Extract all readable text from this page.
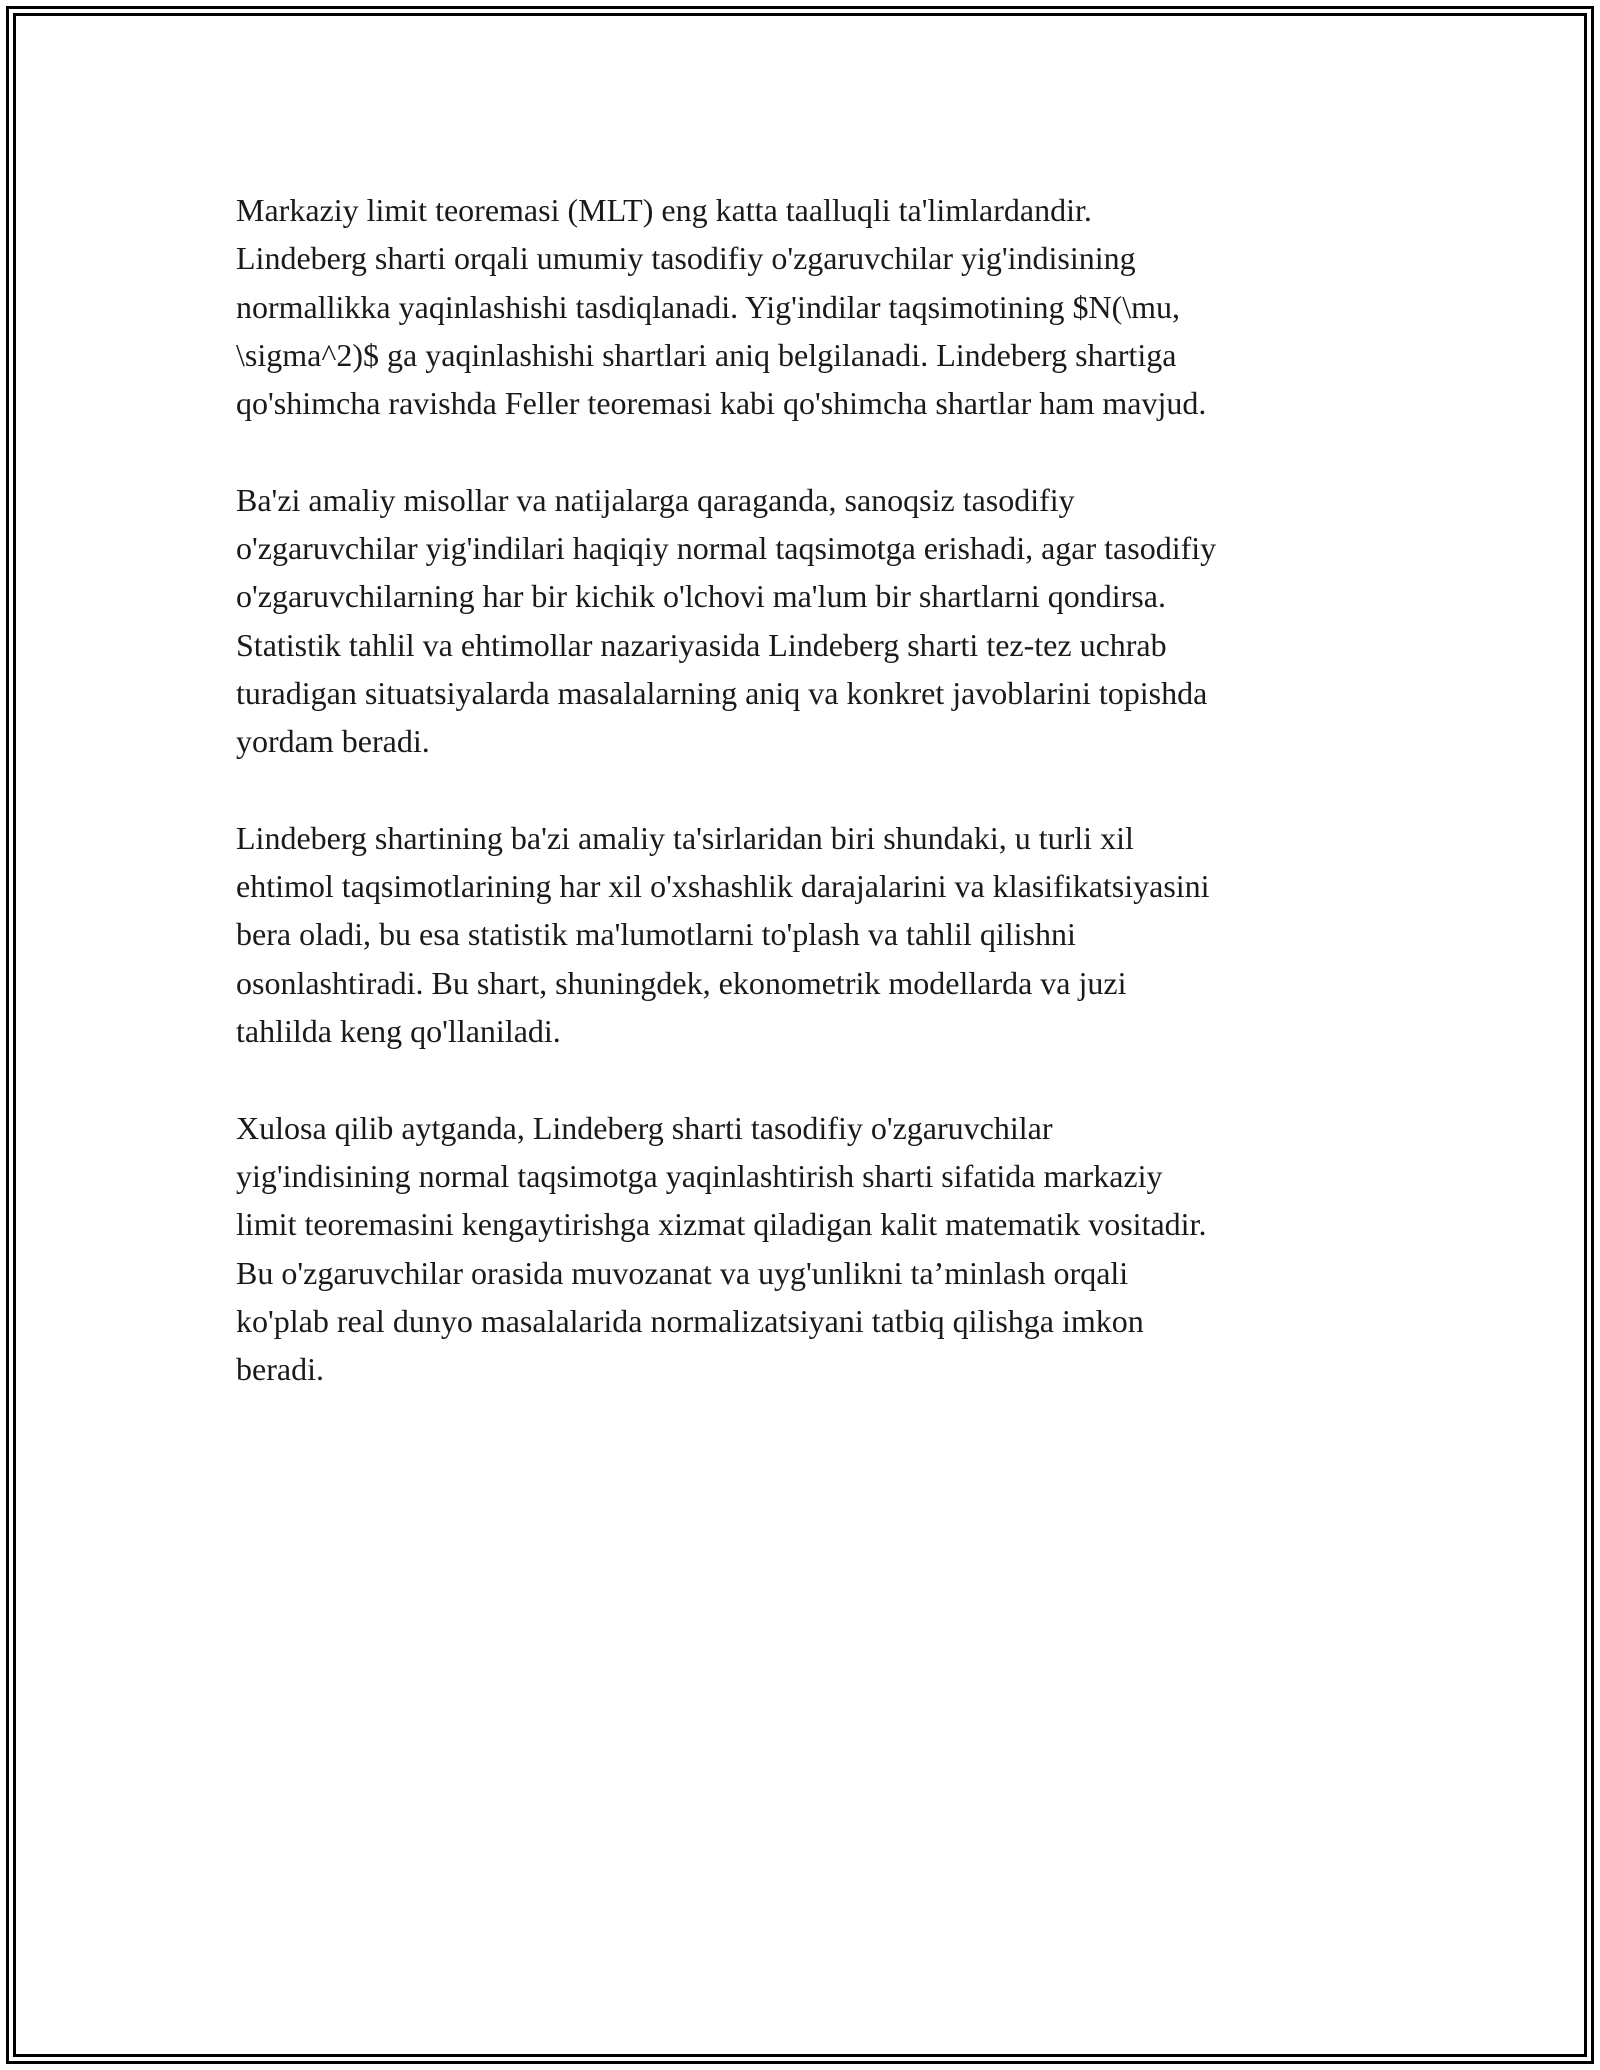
Markaziy limit teoremasi (MLT) eng katta taalluqli ta'limlardandir.
Lindeberg sharti orqali umumiy tasodifiy o'zgaruvchilar yig'indisining
normallikka yaqinlashishi tasdiqlanadi. Yig'indilar taqsimotining $N(\mu,
\sigma^2)$ ga yaqinlashishi shartlari aniq belgilanadi. Lindeberg shartiga
qo'shimcha ravishda Feller teoremasi kabi qo'shimcha shartlar ham mavjud.

Ba'zi amaliy misollar va natijalarga qaraganda, sanoqsiz tasodifiy
o'zgaruvchilar yig'indilari haqiqiy normal taqsimotga erishadi, agar tasodifiy
o'zgaruvchilarning har bir kichik o'lchovi ma'lum bir shartlarni qondirsa.
Statistik tahlil va ehtimollar nazariyasida Lindeberg sharti tez-tez uchrab
turadigan situatsiyalarda masalalarning aniq va konkret javoblarini topishda
yordam beradi.

Lindeberg shartining ba'zi amaliy ta'sirlaridan biri shundaki, u turli xil
ehtimol taqsimotlarining har xil o'xshashlik darajalarini va klasifikatsiyasini
bera oladi, bu esa statistik ma'lumotlarni to'plash va tahlil qilishni
osonlashtiradi. Bu shart, shuningdek, ekonometrik modellarda va juzi
tahlilda keng qo'llaniladi.

Xulosa qilib aytganda, Lindeberg sharti tasodifiy o'zgaruvchilar
yig'indisining normal taqsimotga yaqinlashtirish sharti sifatida markaziy
limit teoremasini kengaytirishga xizmat qiladigan kalit matematik vositadir.
Bu o'zgaruvchilar orasida muvozanat va uyg'unlikni ta’minlash orqali
ko'plab real dunyo masalalarida normalizatsiyani tatbiq qilishga imkon
beradi.
